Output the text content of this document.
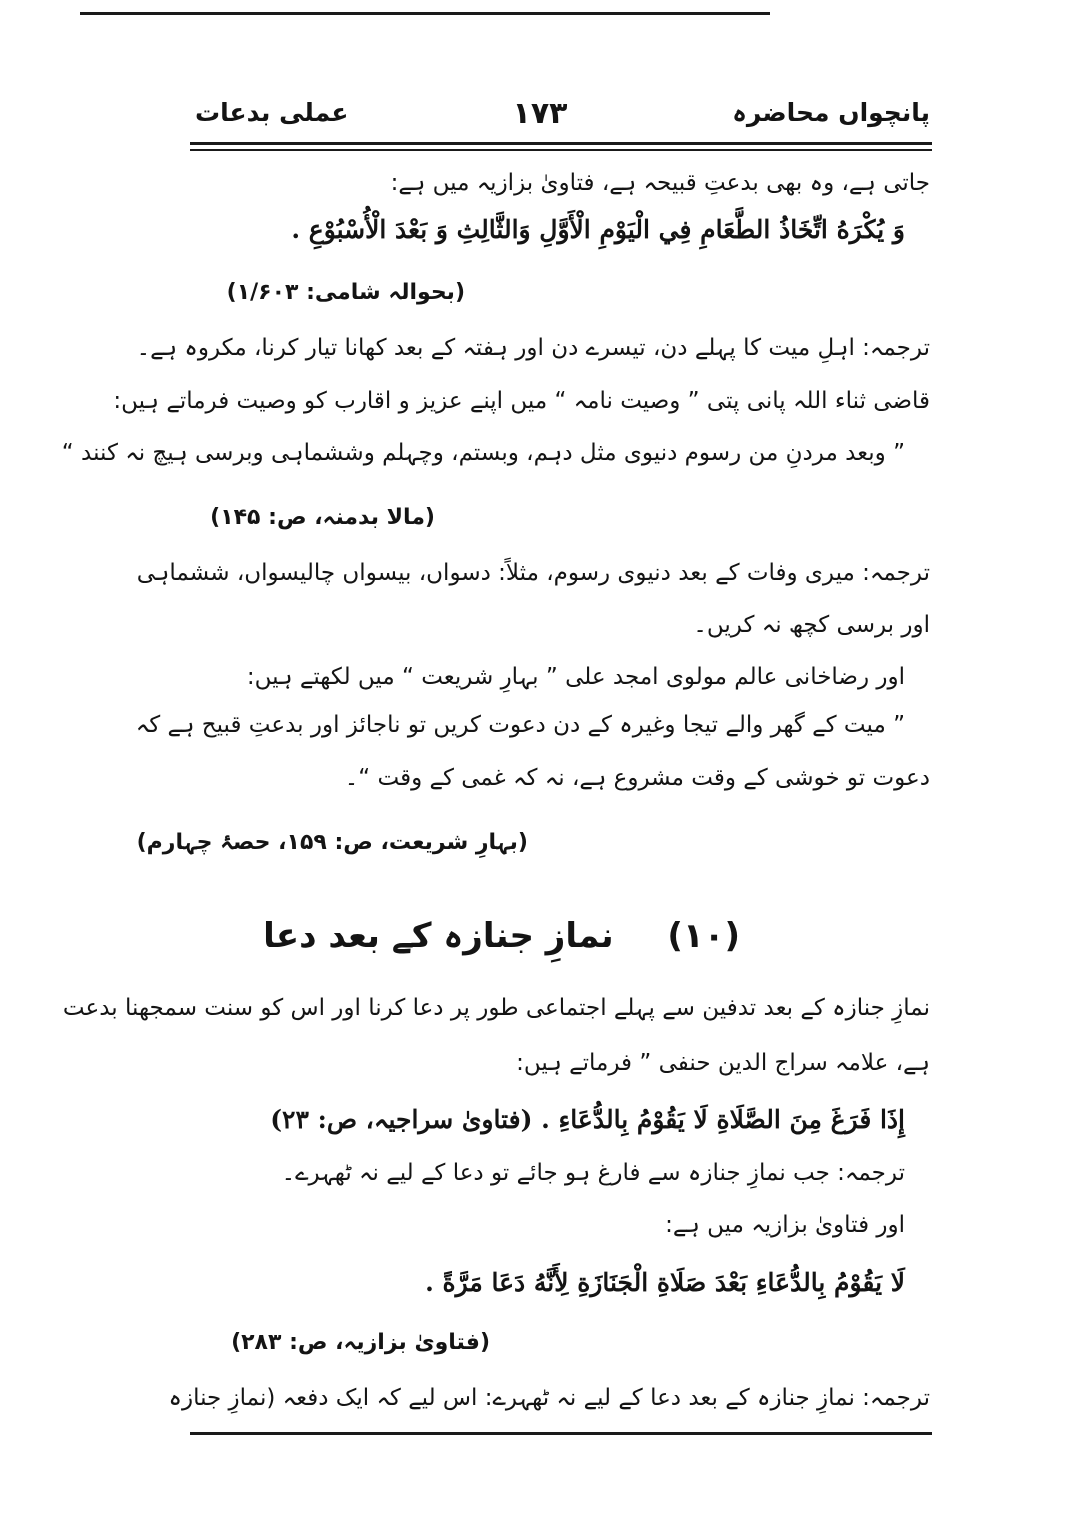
پانچواں محاضرہ
۱۷۳
عملی بدعات
جاتی ہے، وہ بھی بدعتِ قبیحہ ہے، فتاویٰ بزازیہ میں ہے:
وَ يُكْرَهُ اتِّخَاذُ الطَّعَامِ فِي الْيَوْمِ الْأَوَّلِ وَالثَّالِثِ وَ بَعْدَ الْأُسْبُوْعِ .
(بحوالہ شامی: ۱/۶۰۳)
ترجمہ: اہلِ میت کا پہلے دن، تیسرے دن اور ہفتہ کے بعد کھانا تیار کرنا، مکروہ ہے۔
قاضی ثناء اللہ پانی پتی ” وصیت نامہ “ میں اپنے عزیز و اقارب کو وصیت فرماتے ہیں:
” وبعد مردنِ من رسوم دنیوی مثل دہم، وبستم، وچہلم وششماہی وبرسی ہیچ نہ کنند “
(مالا بدمنہ، ص: ۱۴۵)
ترجمہ: میری وفات کے بعد دنیوی رسوم، مثلاً: دسواں، بیسواں چالیسواں، ششماہی
اور برسی کچھ نہ کریں۔
اور رضاخانی عالم مولوی امجد علی ” بہارِ شریعت “ میں لکھتے ہیں:
” میت کے گھر والے تیجا وغیرہ کے دن دعوت کریں تو ناجائز اور بدعتِ قبیح ہے کہ
دعوت تو خوشی کے وقت مشروع ہے، نہ کہ غمی کے وقت “۔
(بہارِ شریعت، ص: ۱۵۹، حصۂ چہارم)
(۱۰)  نمازِ جنازہ کے بعد دعا
نمازِ جنازہ کے بعد تدفین سے پہلے اجتماعی طور پر دعا کرنا اور اس کو سنت سمجھنا بدعت
ہے، علامہ سراج الدین حنفی ” فرماتے ہیں:
إِذَا فَرَغَ مِنَ الصَّلَاةِ لَا يَقُوْمُ بِالدُّعَاءِ . (فتاویٰ سراجیہ، ص: ۲۳)
ترجمہ: جب نمازِ جنازہ سے فارغ ہو جائے تو دعا کے لیے نہ ٹھہرے۔
اور فتاویٰ بزازیہ میں ہے:
لَا يَقُوْمُ بِالدُّعَاءِ بَعْدَ صَلَاةِ الْجَنَازَةِ لِأَنَّهُ دَعَا مَرَّةً .
(فتاویٰ بزازیہ، ص: ۲۸۳)
ترجمہ: نمازِ جنازہ کے بعد دعا کے لیے نہ ٹھہرے: اس لیے کہ ایک دفعہ (نمازِ جنازہ
